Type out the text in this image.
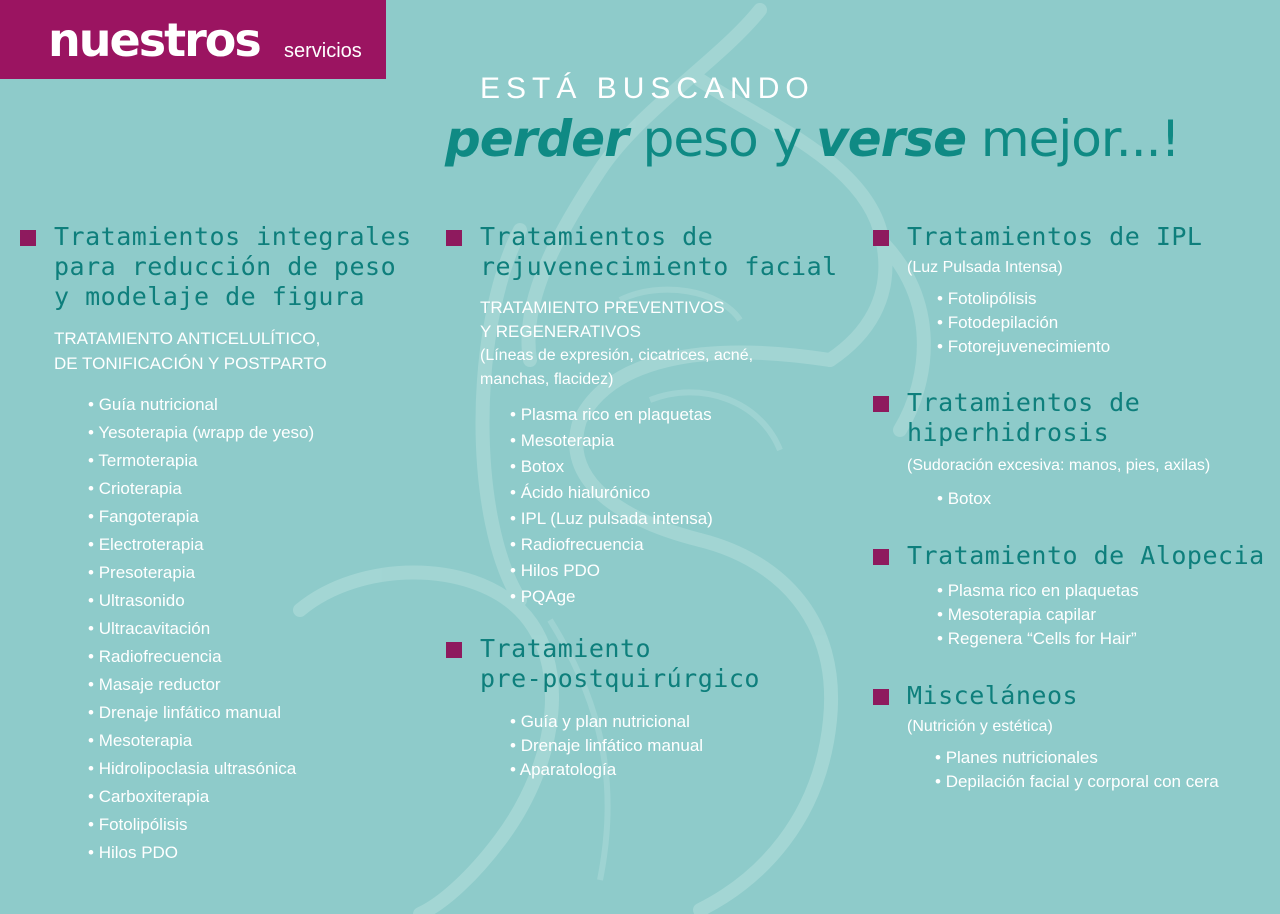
nuestros servicios
ESTÁ BUSCANDO
perder peso y verse mejor...!
Tratamientos integrales
para reducción de peso
y modelaje de figura
TRATAMIENTO ANTICELULÍTICO,
DE TONIFICACIÓN Y POSTPARTO
• Guía nutricional
• Yesoterapia (wrapp de yeso)
• Termoterapia
• Crioterapia
• Fangoterapia
• Electroterapia
• Presoterapia
• Ultrasonido
• Ultracavitación
• Radiofrecuencia
• Masaje reductor
• Drenaje linfático manual
• Mesoterapia
• Hidrolipoclasia ultrasónica
• Carboxiterapia
• Fotolipólisis
• Hilos PDO
Tratamientos de
rejuvenecimiento facial
TRATAMIENTO PREVENTIVOS
Y REGENERATIVOS
(Líneas de expresión, cicatrices, acné,
manchas, flacidez)
• Plasma rico en plaquetas
• Mesoterapia
• Botox
• Ácido hialurónico
• IPL (Luz pulsada intensa)
• Radiofrecuencia
• Hilos PDO
• PQAge
Tratamiento
pre-postquirúrgico
• Guía y plan nutricional
• Drenaje linfático manual
• Aparatología
Tratamientos de IPL
(Luz Pulsada Intensa)
• Fotolipólisis
• Fotodepilación
• Fotorejuvenecimiento
Tratamientos de
hiperhidrosis
(Sudoración excesiva: manos, pies, axilas)
• Botox
Tratamiento de Alopecia
• Plasma rico en plaquetas
• Mesoterapia capilar
• Regenera “Cells for Hair”
Misceláneos
(Nutrición y estética)
• Planes nutricionales
• Depilación facial y corporal con cera
